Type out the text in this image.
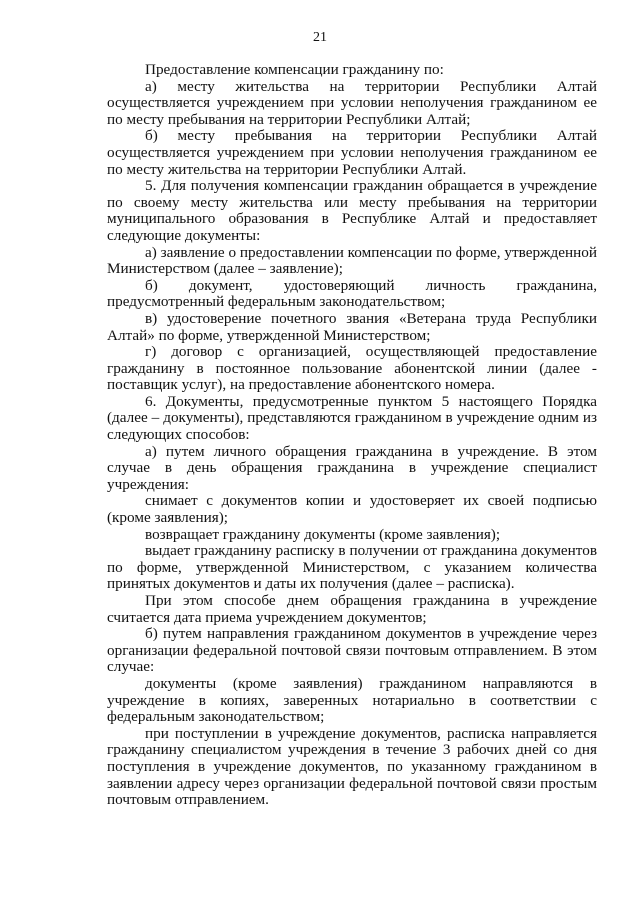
21

Предоставление компенсации гражданину по:

а) месту жительства на территории Республики Алтай осуществляется учреждением при условии неполучения гражданином ее по месту пребывания на территории Республики Алтай;

б) месту пребывания на территории Республики Алтай осуществляется учреждением при условии неполучения гражданином ее по месту жительства на территории Республики Алтай.

5. Для получения компенсации гражданин обращается в учреждение по своему месту жительства или месту пребывания на территории муниципального образования в Республике Алтай и предоставляет следующие документы:

а) заявление о предоставлении компенсации по форме, утвержденной Министерством (далее – заявление);

б) документ, удостоверяющий личность гражданина, предусмотренный федеральным законодательством;

в) удостоверение почетного звания «Ветерана труда Республики Алтай» по форме, утвержденной Министерством;

г) договор с организацией, осуществляющей предоставление гражданину в постоянное пользование абонентской линии (далее - поставщик услуг), на предоставление абонентского номера.

6. Документы, предусмотренные пунктом 5 настоящего Порядка (далее – документы), представляются гражданином в учреждение одним из следующих способов:

а) путем личного обращения гражданина в учреждение. В этом случае в день обращения гражданина в учреждение специалист учреждения:

снимает с документов копии и удостоверяет их своей подписью (кроме заявления);

возвращает гражданину документы (кроме заявления);

выдает гражданину расписку в получении от гражданина документов по форме, утвержденной Министерством, с указанием количества принятых документов и даты их получения (далее – расписка).

При этом способе днем обращения гражданина в учреждение считается дата приема учреждением документов;

б) путем направления гражданином документов в учреждение через организации федеральной почтовой связи почтовым отправлением. В этом случае:

документы (кроме заявления) гражданином направляются в учреждение в копиях, заверенных нотариально в соответствии с федеральным законодательством;

при поступлении в учреждение документов, расписка направляется гражданину специалистом учреждения в течение 3 рабочих дней со дня поступления в учреждение документов, по указанному гражданином в заявлении адресу через организации федеральной почтовой связи простым почтовым отправлением.
